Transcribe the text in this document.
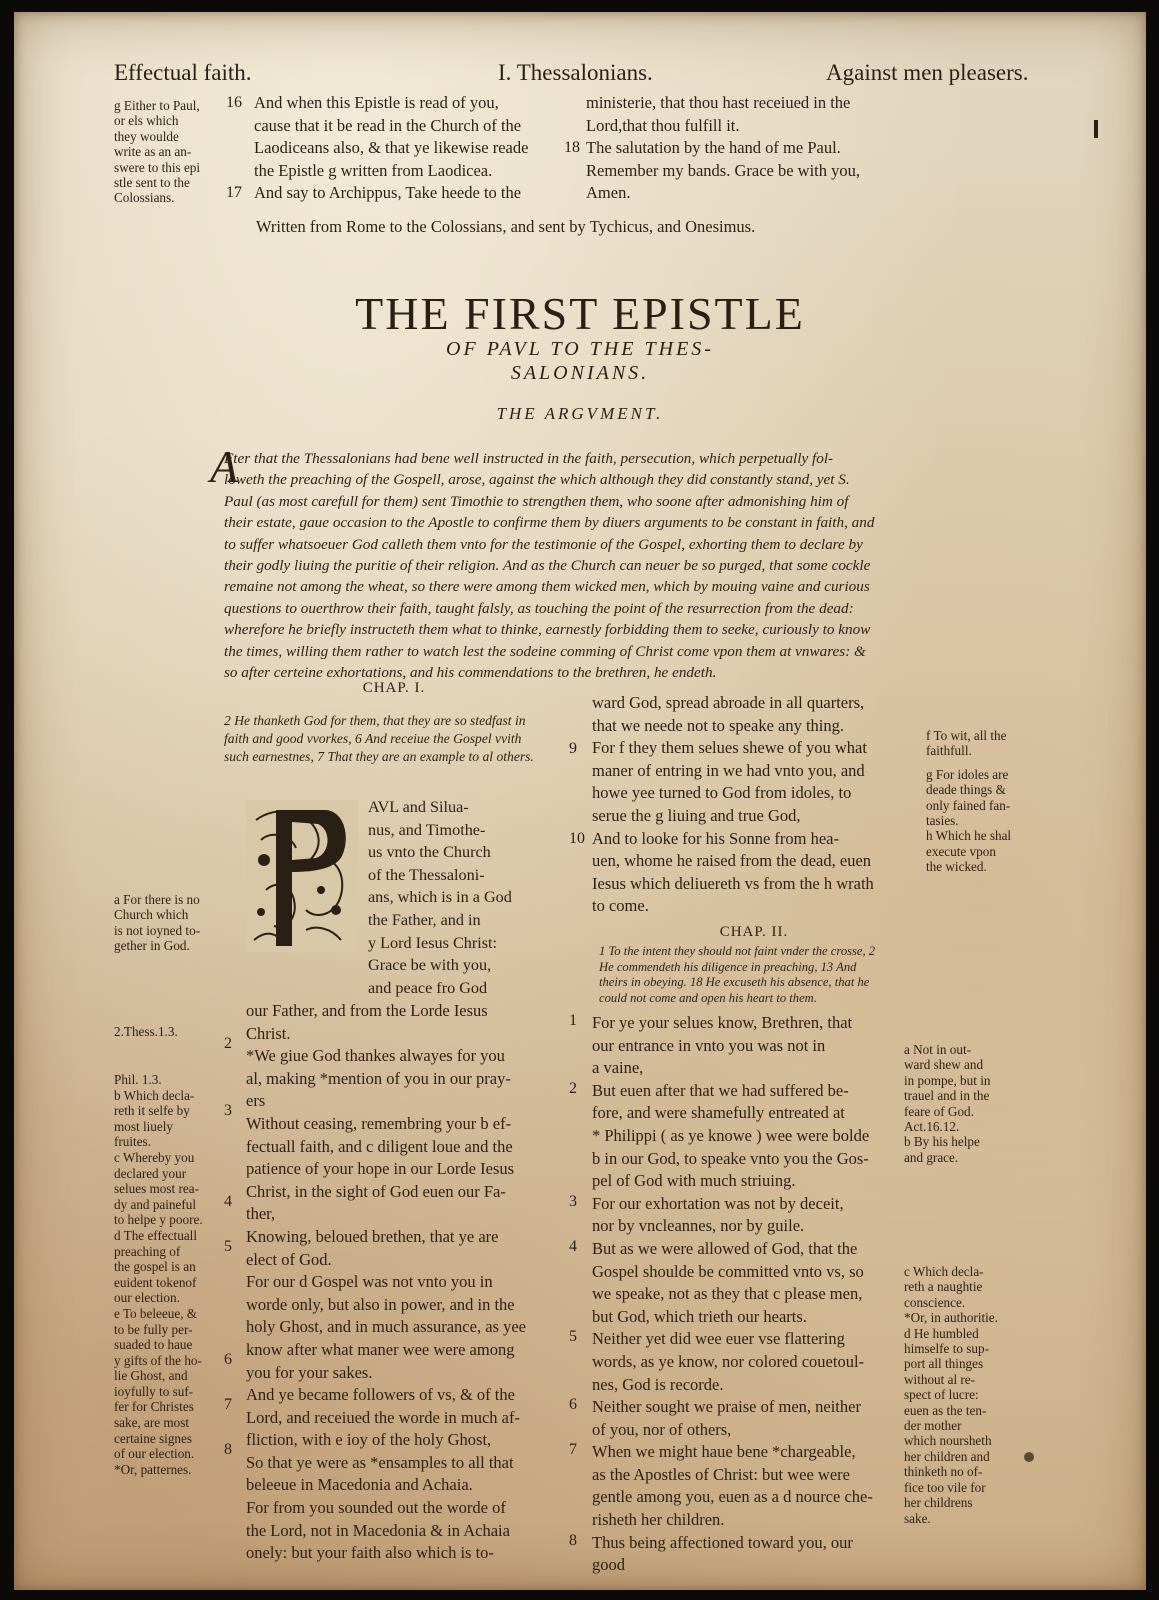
Effectual faith.	I. Thessalonians.	Against men pleasers.
g Either to Paul,
or els which
they woulde
write as an an-
swere to this epi
stle sent to the
Colossians.
16
17
18
And when this Epistle is read of you,
cause that it be read in the Church of the
Laodiceans also, & that ye likewise reade
the Epistle g written from Laodicea.
And say to Archippus, Take heede to the
ministerie, that thou hast receiued in the
Lord,that thou fulfill it.
The salutation by the hand of me Paul.
Remember my bands. Grace be with you,
Amen.
Written from Rome to the Colossians, and sent by Tychicus, and Onesimus.
THE FIRST EPISTLE
OF PAVL TO THE THES-
SALONIANS.
THE ARGVMENT.
A
Fter that the Thessalonians had bene well instructed in the faith, persecution, which perpetually fol-
loweth the preaching of the Gospell, arose, against the which although they did constantly stand, yet S.
Paul (as most carefull for them) sent Timothie to strengthen them, who soone after admonishing him of
their estate, gaue occasion to the Apostle to confirme them by diuers arguments to be constant in faith, and
to suffer whatsoeuer God calleth them vnto for the testimonie of the Gospel, exhorting them to declare by
their godly liuing the puritie of their religion. And as the Church can neuer be so purged, that some cockle
remaine not among the wheat, so there were among them wicked men, which by mouing vaine and curious
questions to ouerthrow their faith, taught falsly, as touching the point of the resurrection from the dead:
wherefore he briefly instructeth them what to thinke, earnestly forbidding them to seeke, curiously to know
the times, willing them rather to watch lest the sodeine comming of Christ come vpon them at vnwares: &
so after certeine exhortations, and his commendations to the brethren, he endeth.
CHAP. I.
2 He thanketh God for them, that they are so stedfast in
faith and good vvorkes, 6 And receiue the Gospel vvith
such earnestnes, 7 That they are an example to al others.
AVL and Silua-
nus, and Timothe-
us vnto the Church
of the Thessaloni-
ans, which is in a God
the Father, and in
y Lord Iesus Christ:
Grace be with you,
and peace fro God
our Father, and from the Lorde Iesus
Christ.
*We giue God thankes alwayes for you
al, making *mention of you in our pray-
ers
Without ceasing, remembring your b ef-
fectuall faith, and c diligent loue and the
patience of your hope in our Lorde Iesus
Christ, in the sight of God euen our Fa-
ther,
Knowing, beloued brethen, that ye are
elect of God.
For our d Gospel was not vnto you in
worde only, but also in power, and in the
holy Ghost, and in much assurance, as yee
know after what maner wee were among
you for your sakes.
And ye became followers of vs, & of the
Lord, and receiued the worde in much af-
fliction, with e ioy of the holy Ghost,
So that ye were as *ensamples to all that
beleeue in Macedonia and Achaia.
For from you sounded out the worde of
the Lord, not in Macedonia & in Achaia
onely: but your faith also which is to-
2
3
4
5
6
7
8
a For there is no
Church which
is not ioyned to-
gether in God.
2.Thess.1.3.
Phil. 1.3.
b Which decla-
reth it selfe by
most liuely
fruites.
c Whereby you
declared your
selues most rea-
dy and paineful
to helpe y poore.
d The effectuall
preaching of
the gospel is an
euident tokenof
our election.
e To beleeue, &
to be fully per-
suaded to haue
y gifts of the ho-
lie Ghost, and
ioyfully to suf-
fer for Christes
sake, are most
certaine signes
of our election.
*Or, patternes.
ward God, spread abroade in all quarters,
that we neede not to speake any thing.
For f they them selues shewe of you what
maner of entring in we had vnto you, and
howe yee turned to God from idoles, to
serue the g liuing and true God,
And to looke for his Sonne from hea-
uen, whome he raised from the dead, euen
Iesus which deliuereth vs from the h wrath
to come.
9
10
CHAP. II.
1 To the intent they should not faint vnder the crosse, 2
He commendeth his diligence in preaching, 13 And
theirs in obeying. 18 He excuseth his absence, that he
could not come and open his heart to them.
For ye your selues know, Brethren, that
our entrance in vnto you was not in
a vaine,
But euen after that we had suffered be-
fore, and were shamefully entreated at
* Philippi ( as ye knowe ) wee were bolde
b in our God, to speake vnto you the Gos-
pel of God with much striuing.
For our exhortation was not by deceit,
nor by vncleannes, nor by guile.
But as we were allowed of God, that the
Gospel shoulde be committed vnto vs, so
we speake, not as they that c please men,
but God, which trieth our hearts.
Neither yet did wee euer vse flattering
words, as ye know, nor colored couetoul-
nes, God is recorde.
Neither sought we praise of men, neither
of you, nor of others,
When we might haue bene *chargeable,
as the Apostles of Christ: but wee were
gentle among you, euen as a d nource che-
risheth her children.
Thus being affectioned toward you, our
good
1
2
3
4
5
6
7
8
f To wit, all the
faithfull.
g For idoles are
deade things &
only fained fan-
tasies.
h Which he shal
execute vpon
the wicked.
a Not in out-
ward shew and
in pompe, but in
trauel and in the
feare of God.
Act.16.12.
b By his helpe
and grace.
c Which decla-
reth a naughtie
conscience.
*Or, in authoritie.
d He humbled
himselfe to sup-
port all thinges
without al re-
spect of lucre:
euen as the ten-
der mother
which noursheth
her children and
thinketh no of-
fice too vile for
her childrens
sake.
